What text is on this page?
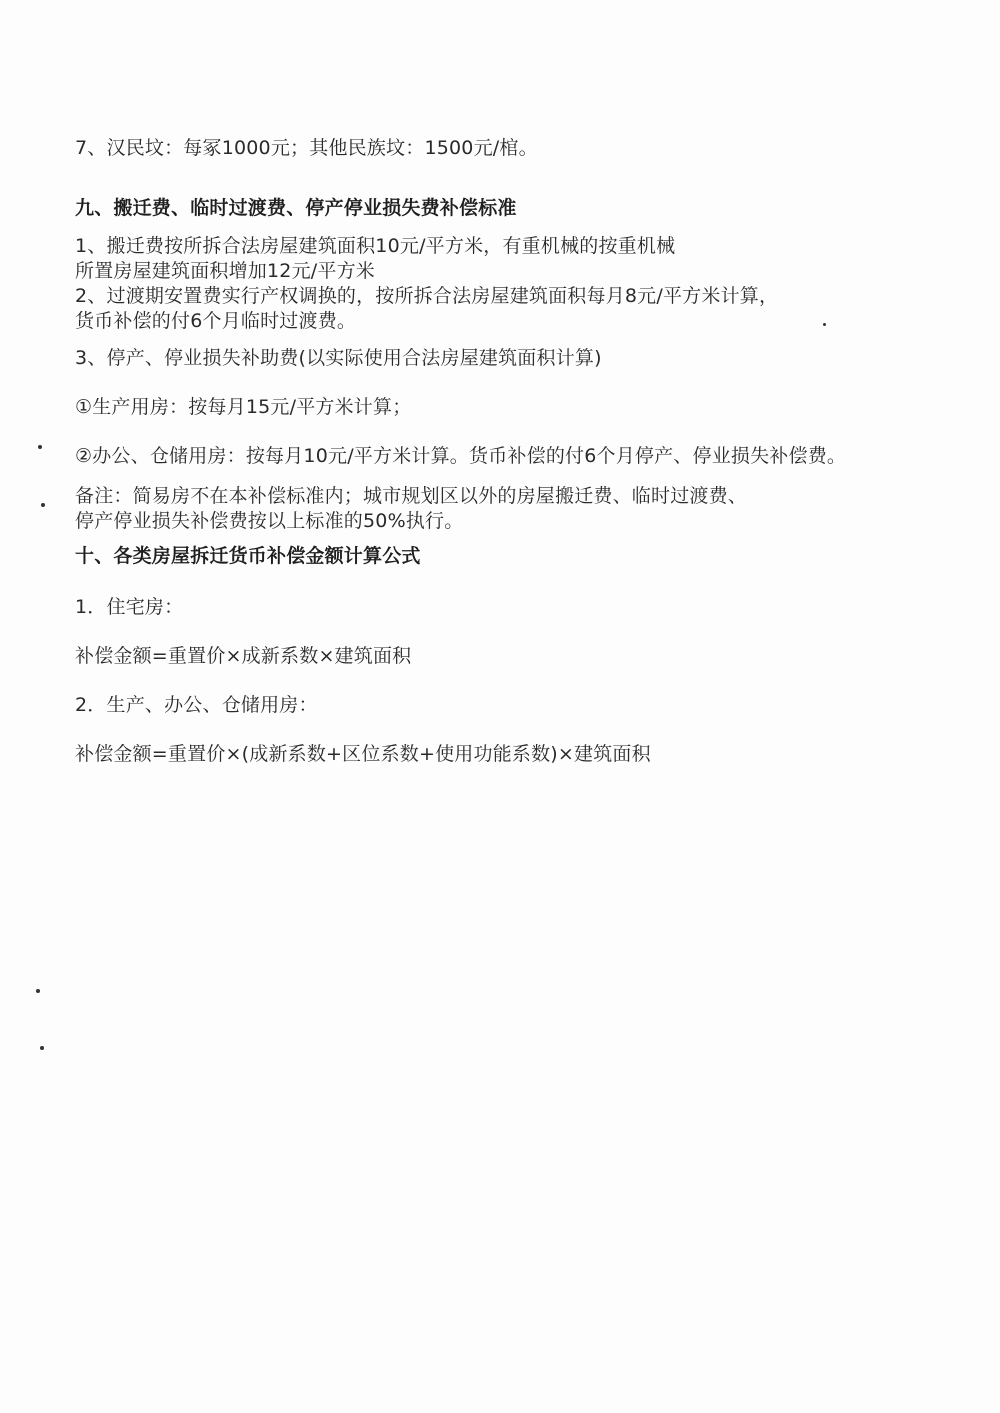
7、汉民坟：每冢1000元；其他民族坟：1500元/棺。
九、搬迁费、临时过渡费、停产停业损失费补偿标准
1、搬迁费按所拆合法房屋建筑面积10元/平方米，有重机械的按重机械
所置房屋建筑面积增加12元/平方米
2、过渡期安置费实行产权调换的，按所拆合法房屋建筑面积每月8元/平方米计算，
货币补偿的付6个月临时过渡费。
3、停产、停业损失补助费(以实际使用合法房屋建筑面积计算)
①生产用房：按每月15元/平方米计算；
②办公、仓储用房：按每月10元/平方米计算。货币补偿的付6个月停产、停业损失补偿费。
备注：简易房不在本补偿标准内；城市规划区以外的房屋搬迁费、临时过渡费、
停产停业损失补偿费按以上标准的50%执行。
十、各类房屋拆迁货币补偿金额计算公式
1．住宅房：
补偿金额=重置价×成新系数×建筑面积
2．生产、办公、仓储用房：
补偿金额=重置价×(成新系数+区位系数+使用功能系数)×建筑面积
